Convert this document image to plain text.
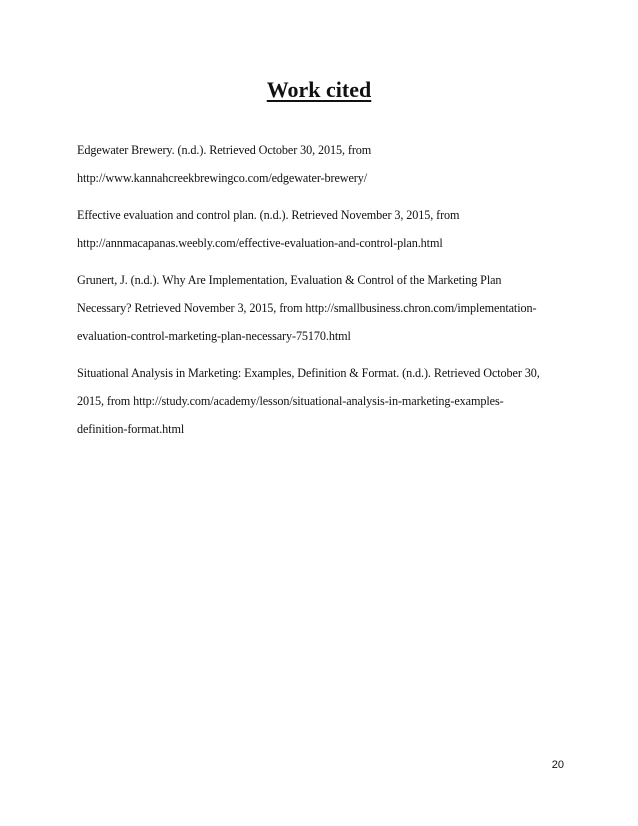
Work cited
Edgewater Brewery. (n.d.). Retrieved October 30, 2015, from
http://www.kannahcreekbrewingco.com/edgewater-brewery/
Effective evaluation and control plan. (n.d.). Retrieved November 3, 2015, from
http://annmacapanas.weebly.com/effective-evaluation-and-control-plan.html
Grunert, J. (n.d.). Why Are Implementation, Evaluation & Control of the Marketing Plan
Necessary? Retrieved November 3, 2015, from http://smallbusiness.chron.com/implementation-
evaluation-control-marketing-plan-necessary-75170.html
Situational Analysis in Marketing: Examples, Definition & Format. (n.d.). Retrieved October 30,
2015, from http://study.com/academy/lesson/situational-analysis-in-marketing-examples-
definition-format.html
20
